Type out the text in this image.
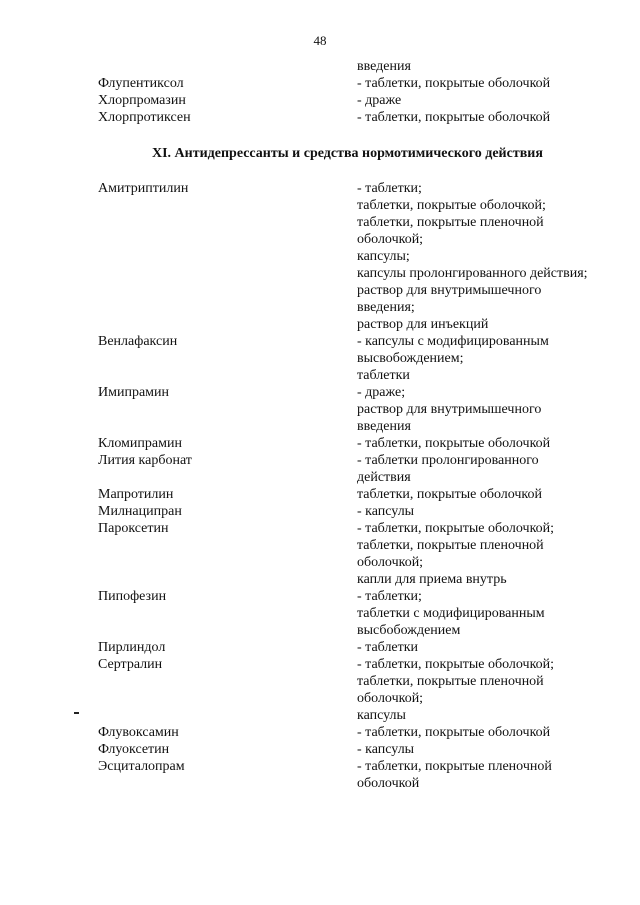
48
введения
Флупентиксол	- таблетки, покрытые оболочкой
Хлорпромазин	- драже
Хлорпротиксен	- таблетки, покрытые оболочкой
XI. Антидепрессанты и средства нормотимического действия
Амитриптилин	- таблетки;
таблетки, покрытые оболочкой;
таблетки, покрытые пленочной
оболочкой;
капсулы;
капсулы пролонгированного действия;
раствор для внутримышечного
введения;
раствор для инъекций
Венлафаксин	- капсулы с модифицированным
высвобождением;
таблетки
Имипрамин	- драже;
раствор для внутримышечного
введения
Кломипрамин	- таблетки, покрытые оболочкой
Лития карбонат	- таблетки пролонгированного
действия
Мапротилин	таблетки, покрытые оболочкой
Милнаципран	- капсулы
Пароксетин	- таблетки, покрытые оболочкой;
таблетки, покрытые пленочной
оболочкой;
капли для приема внутрь
Пипофезин	- таблетки;
таблетки с модифицированным
высбобождением
Пирлиндол	- таблетки
Сертралин	- таблетки, покрытые оболочкой;
таблетки, покрытые пленочной
оболочкой;
капсулы
Флувоксамин	- таблетки, покрытые оболочкой
Флуоксетин	- капсулы
Эсциталопрам	- таблетки, покрытые пленочной
оболочкой
